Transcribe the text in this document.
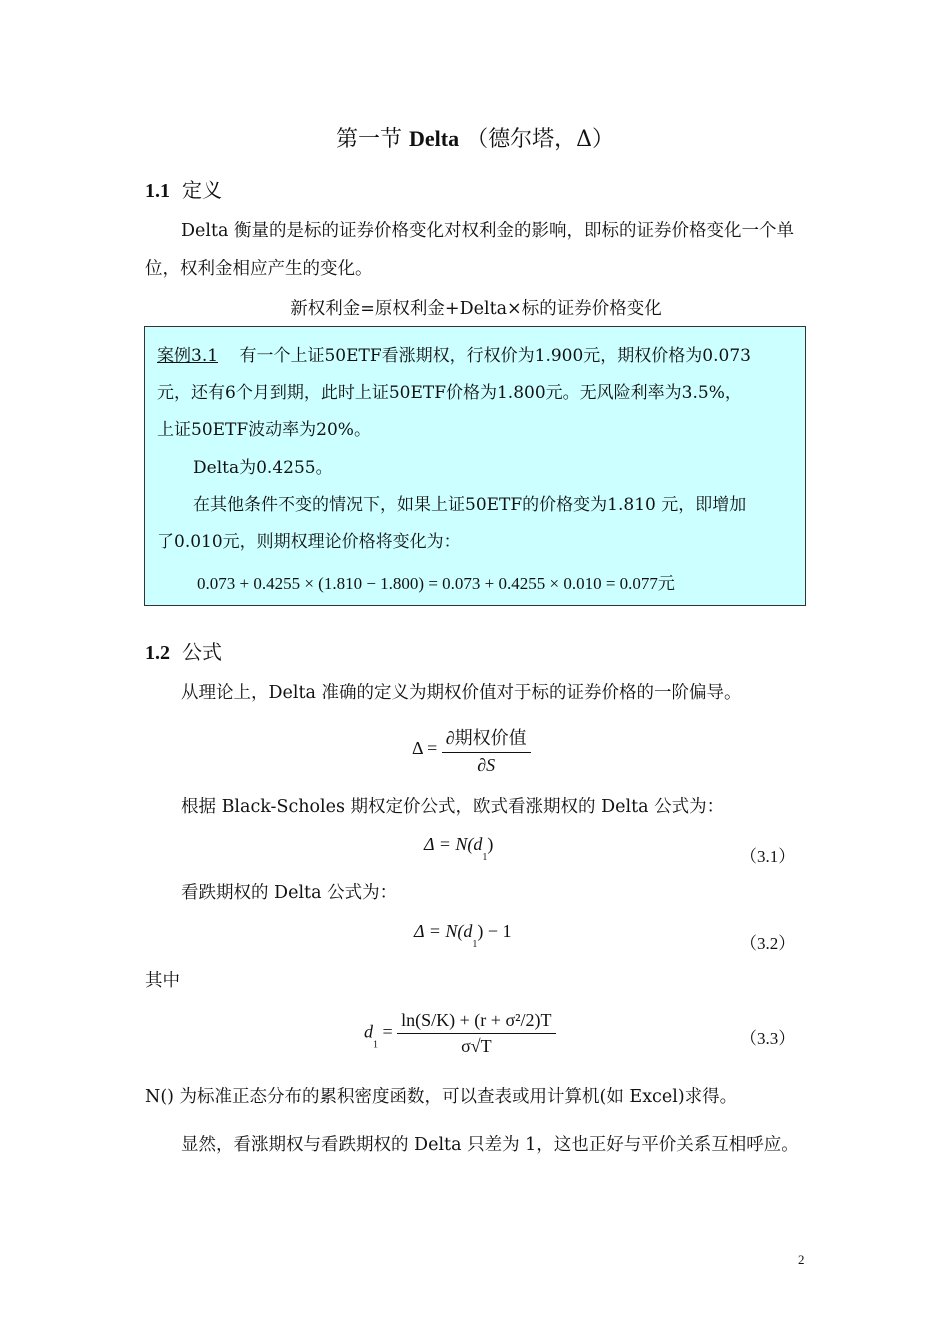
第一节 Delta （德尔塔，Δ）
1.1 定义
Delta 衡量的是标的证券价格变化对权利金的影响，即标的证券价格变化一个单位，权利金相应产生的变化。
新权利金=原权利金+Delta×标的证券价格变化
案例3.1 有一个上证50ETF看涨期权，行权价为1.900元，期权价格为0.073
元，还有6个月到期，此时上证50ETF价格为1.800元。无风险利率为3.5%，
上证50ETF波动率为20%。
Delta为0.4255。
在其他条件不变的情况下，如果上证50ETF的价格变为1.810 元，即增加
了0.010元，则期权理论价格将变化为：
0.073 + 0.4255 × (1.810 − 1.800) = 0.073 + 0.4255 × 0.010 = 0.077元
1.2 公式
从理论上，Delta 准确的定义为期权价值对于标的证券价格的一阶偏导。
$\Delta = \frac{\text{∂期权价值}}{\partial S}$
根据 Black-Scholes 期权定价公式，欧式看涨期权的 Delta 公式为：
$\Delta = N(d_1)$
（3.1）
看跌期权的 Delta 公式为：
$\Delta = N(d_1) - 1$
（3.2）
其中
$d_1 = \frac{\text{ln(S/K) + (r + σ²/2)T}}{\sigma√T}$	（3.3）
N() 为标准正态分布的累积密度函数，可以查表或用计算机(如 Excel)求得。
显然，看涨期权与看跌期权的 Delta 只差为 1，这也正好与平价关系互相呼应。
2
